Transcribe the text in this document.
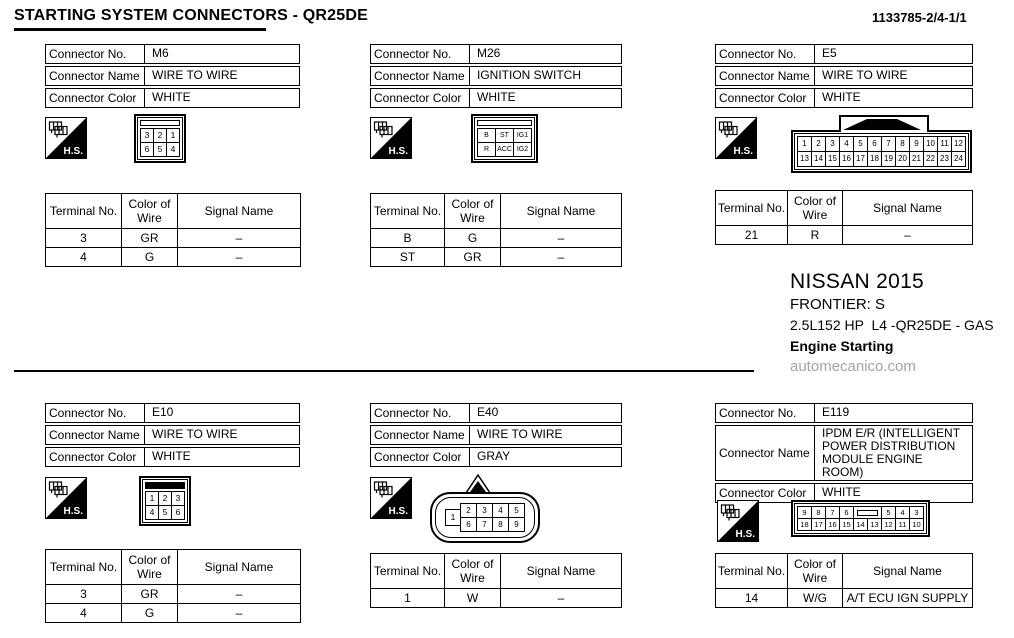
STARTING SYSTEM CONNECTORS - QR25DE	1133785-2/4-1/1
Connector No.	M6
Connector Name	WIRE TO WIRE
Connector Color	WHITE
H.S.
3 2 1
6 5 4
Terminal No.	Color of Wire	Signal Name
3	GR	–
4	G	–
Connector No.	M26
Connector Name	IGNITION SWITCH
Connector Color	WHITE
H.S.
B	ST	IG1
R	ACC IG2
Terminal No.	Color of Wire	Signal Name
B	G	–
ST	GR	–
Connector No.	E5
Connector Name	WIRE TO WIRE
Connector Color	WHITE
H.S.
1	2	3	4	5	6	7	8	9 10 11 12
13 14 15 16 17 18 19 20 21 22 23 24
Terminal No.	Color of Wire	Signal Name
21	R	–
NISSAN 2015
FRONTIER: S
2.5L152 HP  L4 -QR25DE - GAS
Engine Starting
automecanico.com
Connector No.	E10
Connector Name	WIRE TO WIRE
Connector Color	WHITE
H.S.
1 2 3
4 5 6
Terminal No.	Color of Wire	Signal Name
3	GR	–
4	G	–
Connector No.	E40
Connector Name	WIRE TO WIRE
Connector Color	GRAY
H.S.	1
2	3	4	5
6	7	8	9
Terminal No.	Color of Wire	Signal Name
1	W	–
Connector No.	E119
Connector Name
IPDM E/R (INTELLIGENT POWER DISTRIBUTION MODULE ENGINE ROOM)
Connector Color	WHITE
H.S.
9	8	7	6	5	4	3
18 17 16 15 14 13 12 11 10
Terminal No.	Color of Wire	Signal Name
14	W/G	A/T ECU IGN SUPPLY
